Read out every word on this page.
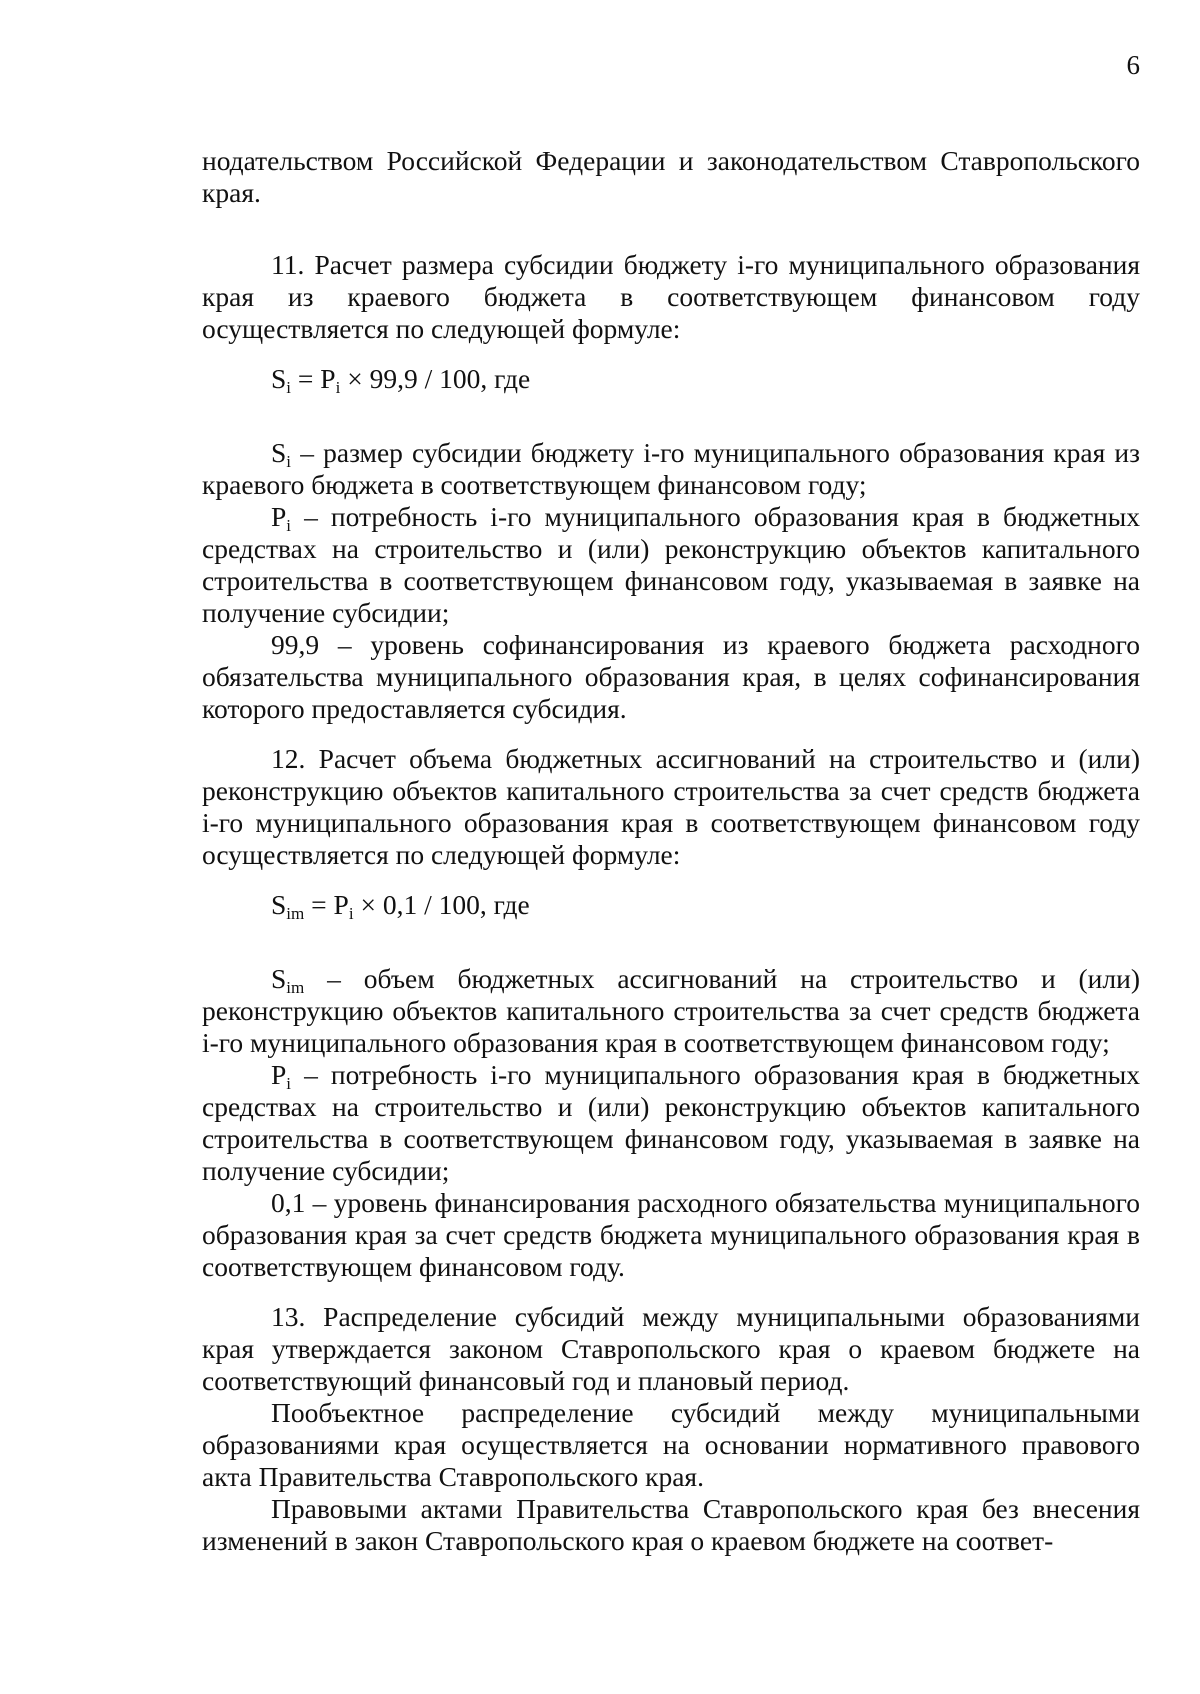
6

нодательством Российской Федерации и законодательством Ставропольского края.

11. Расчет размера субсидии бюджету i-го муниципального образования края из краевого бюджета в соответствующем финансовом году осуществляется по следующей формуле:

$S_i = P_i \times 99,9 / 100$, где

$S_i$ – размер субсидии бюджету i-го муниципального образования края из краевого бюджета в соответствующем финансовом году;

$P_i$ – потребность i-го муниципального образования края в бюджетных средствах на строительство и (или) реконструкцию объектов капитального строительства в соответствующем финансовом году, указываемая в заявке на получение субсидии;

99,9 – уровень софинансирования из краевого бюджета расходного обязательства муниципального образования края, в целях софинансирования которого предоставляется субсидия.

12. Расчет объема бюджетных ассигнований на строительство и (или) реконструкцию объектов капитального строительства за счет средств бюджета i-го муниципального образования края в соответствующем финансовом году осуществляется по следующей формуле:

$S_{im} = P_i \times 0,1 / 100$, где

$S_{im}$ – объем бюджетных ассигнований на строительство и (или) реконструкцию объектов капитального строительства за счет средств бюджета i-го муниципального образования края в соответствующем финансовом году;

$P_i$ – потребность i-го муниципального образования края в бюджетных средствах на строительство и (или) реконструкцию объектов капитального строительства в соответствующем финансовом году, указываемая в заявке на получение субсидии;

0,1 – уровень финансирования расходного обязательства муниципального образования края за счет средств бюджета муниципального образования края в соответствующем финансовом году.

13. Распределение субсидий между муниципальными образованиями края утверждается законом Ставропольского края о краевом бюджете на соответствующий финансовый год и плановый период.

Пообъектное распределение субсидий между муниципальными образованиями края осуществляется на основании нормативного правового акта Правительства Ставропольского края.

Правовыми актами Правительства Ставропольского края без внесения изменений в закон Ставропольского края о краевом бюджете на соответ-
